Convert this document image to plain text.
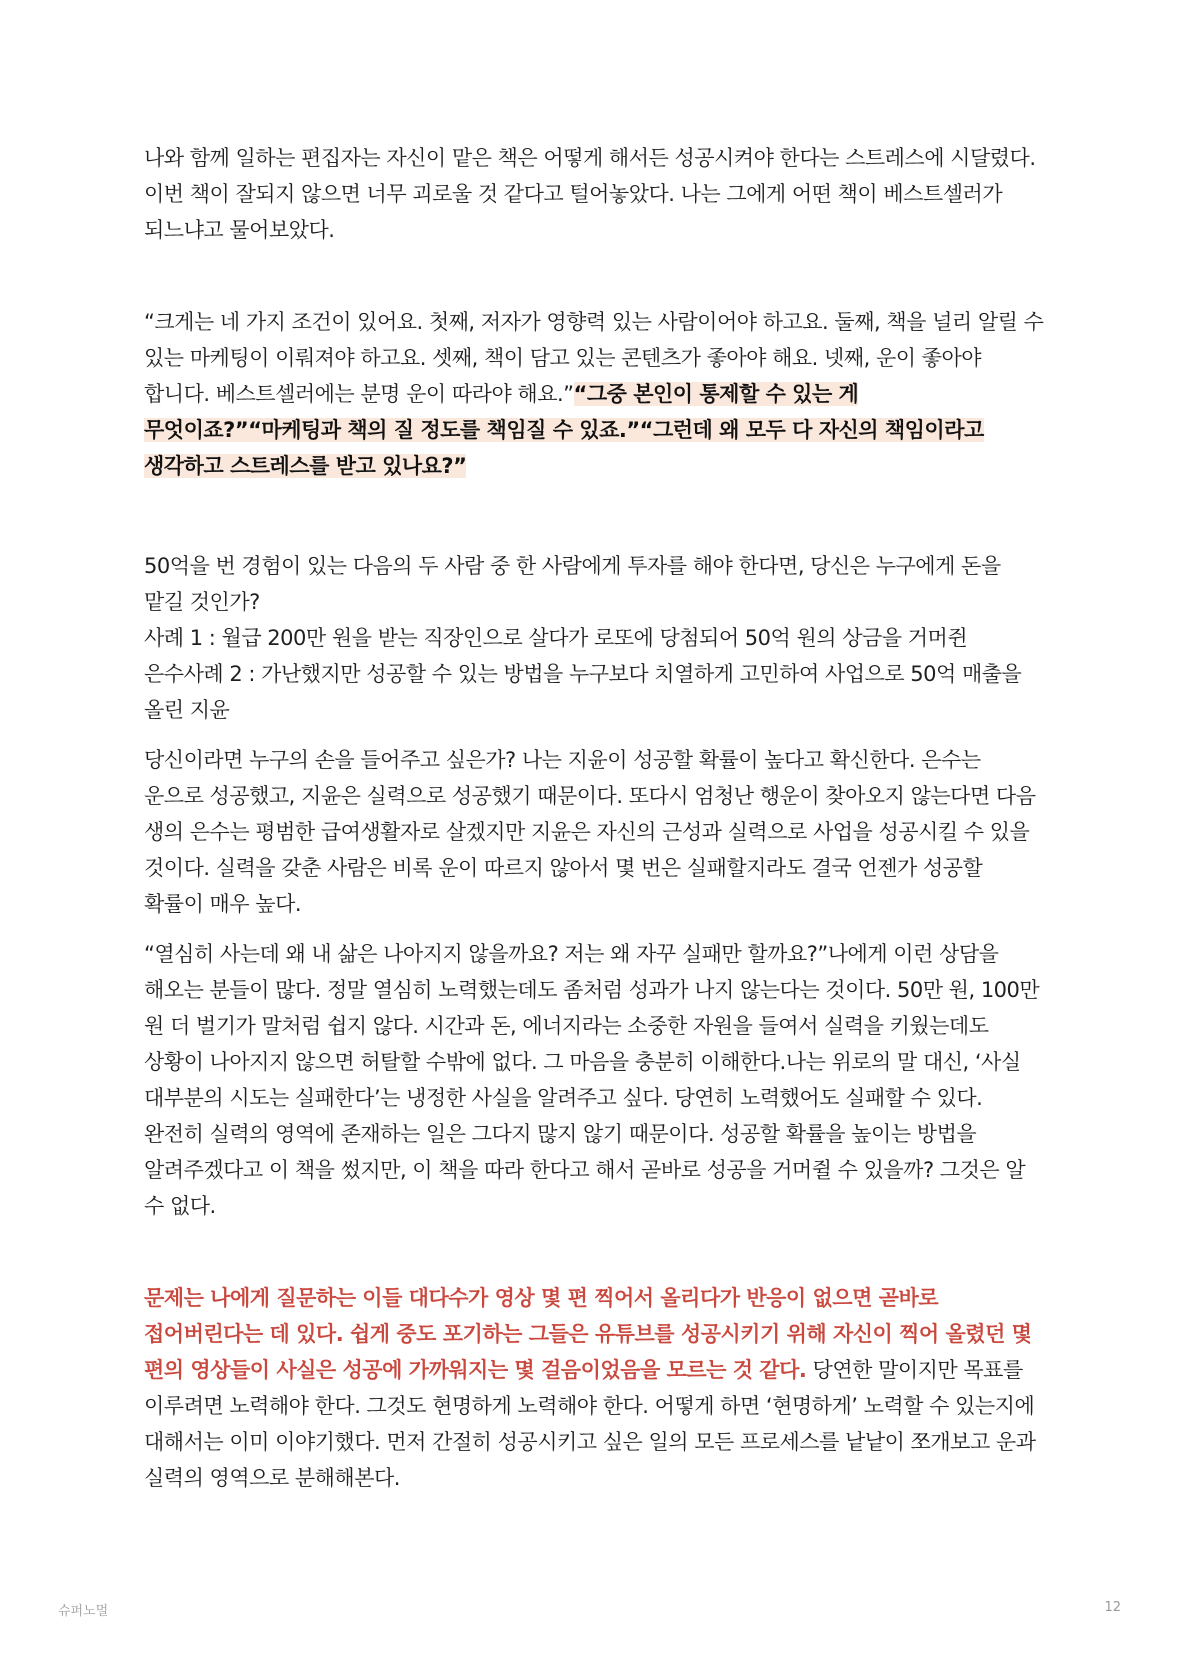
나와 함께 일하는 편집자는 자신이 맡은 책은 어떻게 해서든 성공시켜야 한다는 스트레스에 시달렸다. 이번 책이 잘되지 않으면 너무 괴로울 것 같다고 털어놓았다. 나는 그에게 어떤 책이 베스트셀러가 되느냐고 물어보았다.

“크게는 네 가지 조건이 있어요. 첫째, 저자가 영향력 있는 사람이어야 하고요. 둘째, 책을 널리 알릴 수 있는 마케팅이 이뤄져야 하고요. 셋째, 책이 담고 있는 콘텐츠가 좋아야 해요. 넷째, 운이 좋아야 합니다. 베스트셀러에는 분명 운이 따라야 해요.”“그중 본인이 통제할 수 있는 게 무엇이죠?”“마케팅과 책의 질 정도를 책임질 수 있죠.”“그런데 왜 모두 다 자신의 책임이라고 생각하고 스트레스를 받고 있나요?”

50억을 번 경험이 있는 다음의 두 사람 중 한 사람에게 투자를 해야 한다면, 당신은 누구에게 돈을 맡길 것인가?
사례 1 : 월급 200만 원을 받는 직장인으로 살다가 로또에 당첨되어 50억 원의 상금을 거머쥔 은수사례 2 : 가난했지만 성공할 수 있는 방법을 누구보다 치열하게 고민하여 사업으로 50억 매출을 올린 지윤

당신이라면 누구의 손을 들어주고 싶은가? 나는 지윤이 성공할 확률이 높다고 확신한다. 은수는 운으로 성공했고, 지윤은 실력으로 성공했기 때문이다. 또다시 엄청난 행운이 찾아오지 않는다면 다음 생의 은수는 평범한 급여생활자로 살겠지만 지윤은 자신의 근성과 실력으로 사업을 성공시킬 수 있을 것이다. 실력을 갖춘 사람은 비록 운이 따르지 않아서 몇 번은 실패할지라도 결국 언젠가 성공할 확률이 매우 높다.

“열심히 사는데 왜 내 삶은 나아지지 않을까요? 저는 왜 자꾸 실패만 할까요?”나에게 이런 상담을 해오는 분들이 많다. 정말 열심히 노력했는데도 좀처럼 성과가 나지 않는다는 것이다. 50만 원, 100만 원 더 벌기가 말처럼 쉽지 않다. 시간과 돈, 에너지라는 소중한 자원을 들여서 실력을 키웠는데도 상황이 나아지지 않으면 허탈할 수밖에 없다. 그 마음을 충분히 이해한다.나는 위로의 말 대신, ‘사실 대부분의 시도는 실패한다’는 냉정한 사실을 알려주고 싶다. 당연히 노력했어도 실패할 수 있다. 완전히 실력의 영역에 존재하는 일은 그다지 많지 않기 때문이다. 성공할 확률을 높이는 방법을 알려주겠다고 이 책을 썼지만, 이 책을 따라 한다고 해서 곧바로 성공을 거머쥘 수 있을까? 그것은 알 수 없다.

문제는 나에게 질문하는 이들 대다수가 영상 몇 편 찍어서 올리다가 반응이 없으면 곧바로 접어버린다는 데 있다. 쉽게 중도 포기하는 그들은 유튜브를 성공시키기 위해 자신이 찍어 올렸던 몇 편의 영상들이 사실은 성공에 가까워지는 몇 걸음이었음을 모르는 것 같다. 당연한 말이지만 목표를 이루려면 노력해야 한다. 그것도 현명하게 노력해야 한다. 어떻게 하면 ‘현명하게’ 노력할 수 있는지에 대해서는 이미 이야기했다. 먼저 간절히 성공시키고 싶은 일의 모든 프로세스를 낱낱이 쪼개보고 운과 실력의 영역으로 분해해본다.

슈퍼노멀	12
